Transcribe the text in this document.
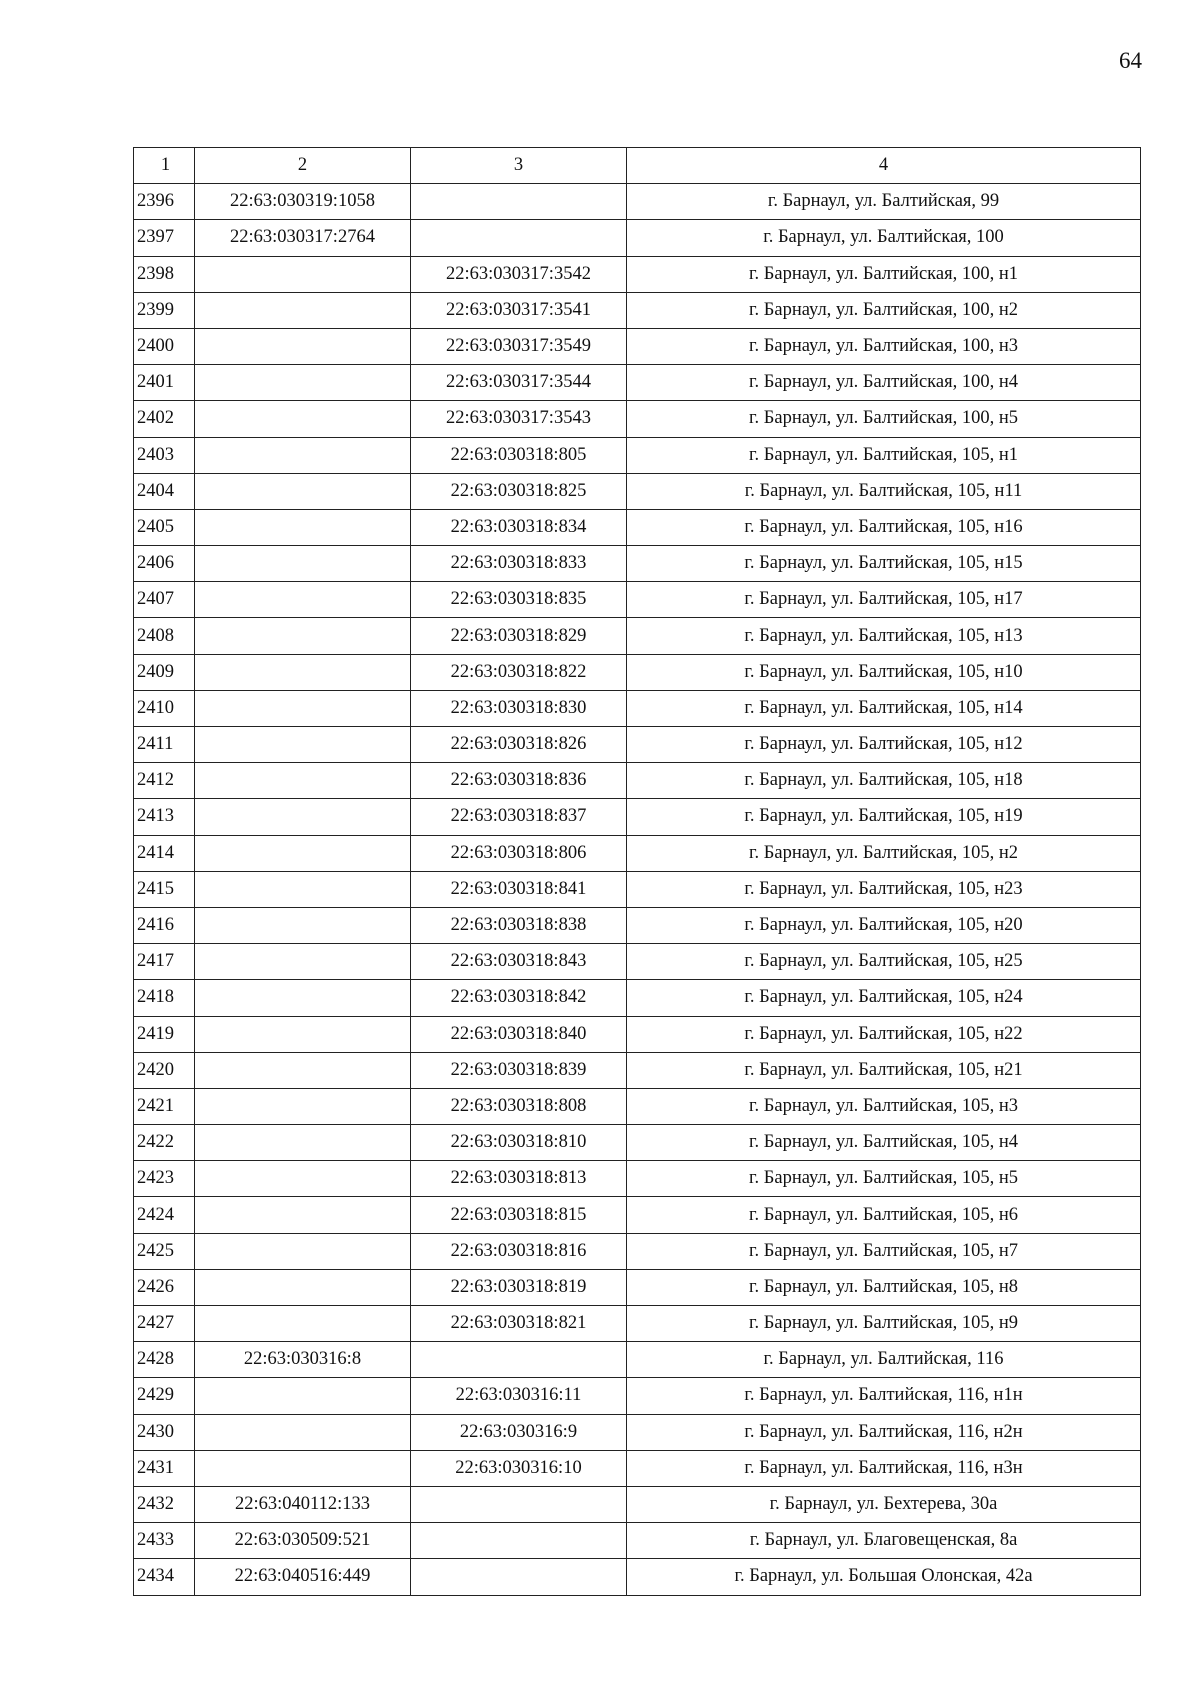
64
1	2	3	4
2396	22:63:030319:1058		г. Барнаул, ул. Балтийская, 99
2397	22:63:030317:2764		г. Барнаул, ул. Балтийская, 100
2398		22:63:030317:3542	г. Барнаул, ул. Балтийская, 100, н1
2399		22:63:030317:3541	г. Барнаул, ул. Балтийская, 100, н2
2400		22:63:030317:3549	г. Барнаул, ул. Балтийская, 100, н3
2401		22:63:030317:3544	г. Барнаул, ул. Балтийская, 100, н4
2402		22:63:030317:3543	г. Барнаул, ул. Балтийская, 100, н5
2403		22:63:030318:805	г. Барнаул, ул. Балтийская, 105, н1
2404		22:63:030318:825	г. Барнаул, ул. Балтийская, 105, н11
2405		22:63:030318:834	г. Барнаул, ул. Балтийская, 105, н16
2406		22:63:030318:833	г. Барнаул, ул. Балтийская, 105, н15
2407		22:63:030318:835	г. Барнаул, ул. Балтийская, 105, н17
2408		22:63:030318:829	г. Барнаул, ул. Балтийская, 105, н13
2409		22:63:030318:822	г. Барнаул, ул. Балтийская, 105, н10
2410		22:63:030318:830	г. Барнаул, ул. Балтийская, 105, н14
2411		22:63:030318:826	г. Барнаул, ул. Балтийская, 105, н12
2412		22:63:030318:836	г. Барнаул, ул. Балтийская, 105, н18
2413		22:63:030318:837	г. Барнаул, ул. Балтийская, 105, н19
2414		22:63:030318:806	г. Барнаул, ул. Балтийская, 105, н2
2415		22:63:030318:841	г. Барнаул, ул. Балтийская, 105, н23
2416		22:63:030318:838	г. Барнаул, ул. Балтийская, 105, н20
2417		22:63:030318:843	г. Барнаул, ул. Балтийская, 105, н25
2418		22:63:030318:842	г. Барнаул, ул. Балтийская, 105, н24
2419		22:63:030318:840	г. Барнаул, ул. Балтийская, 105, н22
2420		22:63:030318:839	г. Барнаул, ул. Балтийская, 105, н21
2421		22:63:030318:808	г. Барнаул, ул. Балтийская, 105, н3
2422		22:63:030318:810	г. Барнаул, ул. Балтийская, 105, н4
2423		22:63:030318:813	г. Барнаул, ул. Балтийская, 105, н5
2424		22:63:030318:815	г. Барнаул, ул. Балтийская, 105, н6
2425		22:63:030318:816	г. Барнаул, ул. Балтийская, 105, н7
2426		22:63:030318:819	г. Барнаул, ул. Балтийская, 105, н8
2427		22:63:030318:821	г. Барнаул, ул. Балтийская, 105, н9
2428	22:63:030316:8		г. Барнаул, ул. Балтийская, 116
2429		22:63:030316:11	г. Барнаул, ул. Балтийская, 116, н1н
2430		22:63:030316:9	г. Барнаул, ул. Балтийская, 116, н2н
2431		22:63:030316:10	г. Барнаул, ул. Балтийская, 116, н3н
2432	22:63:040112:133		г. Барнаул, ул. Бехтерева, 30а
2433	22:63:030509:521		г. Барнаул, ул. Благовещенская, 8а
2434	22:63:040516:449		г. Барнаул, ул. Большая Олонская, 42а
